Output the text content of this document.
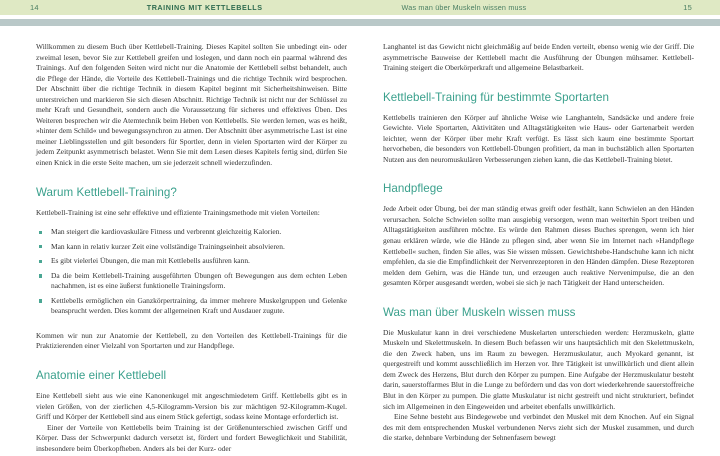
14	TRAINING MIT KETTLEBELLS	Was man über Muskeln wissen muss	15

Willkommen zu diesem Buch über Kettlebell-Training. Dieses Kapitel sollten Sie unbedingt ein- oder zweimal lesen, bevor Sie zur Kettlebell greifen und loslegen, und dann noch ein paarmal während des Trainings. Auf den folgenden Seiten wird nicht nur die Anatomie der Kettlebell selbst behandelt, auch die Pflege der Hände, die Vorteile des Kettlebell-Trainings und die richtige Technik wird besprochen. Der Abschnitt über die richtige Technik in diesem Kapitel beginnt mit Sicherheitshinweisen. Bitte unterstreichen und markieren Sie sich diesen Abschnitt. Richtige Technik ist nicht nur der Schlüssel zu mehr Kraft und Gesundheit, sondern auch die Voraussetzung für sicheres und effektives Üben. Des Weiteren besprechen wir die Atemtechnik beim Heben von Kettlebells. Sie werden lernen, was es heißt, »hinter dem Schild« und bewegungssynchron zu atmen. Der Abschnitt über asymmetrische Last ist eine meiner Lieblingsstellen und gilt besonders für Sportler, denn in vielen Sportarten wird der Körper zu jedem Zeitpunkt asymmetrisch belastet. Wenn Sie mit dem Lesen dieses Kapitels fertig sind, dürfen Sie einen Knick in die erste Seite machen, um sie jederzeit schnell wiederzufinden.

Warum Kettlebell-Training?

Kettlebell-Training ist eine sehr effektive und effiziente Trainingsmethode mit vielen Vorteilen:

Man steigert die kardiovaskuläre Fitness und verbrennt gleichzeitig Kalorien.
Man kann in relativ kurzer Zeit eine vollständige Trainingseinheit absolvieren.
Es gibt vielerlei Übungen, die man mit Kettlebells ausführen kann.
Da die beim Kettlebell-Training ausgeführten Übungen oft Bewegungen aus dem echten Leben nachahmen, ist es eine äußerst funktionelle Trainingsform.
Kettlebells ermöglichen ein Ganzkörpertraining, da immer mehrere Muskelgruppen und Gelenke beansprucht werden. Dies kommt der allgemeinen Kraft und Ausdauer zugute.

Kommen wir nun zur Anatomie der Kettlebell, zu den Vorteilen des Kettlebell-Trainings für die Praktizierenden einer Vielzahl von Sportarten und zur Handpflege.

Anatomie einer Kettlebell

Eine Kettlebell sieht aus wie eine Kanonenkugel mit angeschmiedetem Griff. Kettlebells gibt es in vielen Größen, von der zierlichen 4,5-Kilogramm-Version bis zur mächtigen 92-Kilogramm-Kugel. Griff und Körper der Kettlebell sind aus einem Stück gefertigt, sodass keine Montage erforderlich ist.

Einer der Vorteile von Kettlebells beim Training ist der Größenunterschied zwischen Griff und Körper. Dass der Schwerpunkt dadurch versetzt ist, fördert und fordert Beweglichkeit und Stabilität, insbesondere beim Überkopfheben. Anders als bei der Kurz- oder

Langhantel ist das Gewicht nicht gleichmäßig auf beide Enden verteilt, ebenso wenig wie der Griff. Die asymmetrische Bauweise der Kettlebell macht die Ausführung der Übungen mühsamer. Kettlebell-Training steigert die Oberkörperkraft und allgemeine Belastbarkeit.

Kettlebell-Training für bestimmte Sportarten

Kettlebells trainieren den Körper auf ähnliche Weise wie Langhanteln, Sandsäcke und andere freie Gewichte. Viele Sportarten, Aktivitäten und Alltagstätigkeiten wie Haus- oder Gartenarbeit werden leichter, wenn der Körper über mehr Kraft verfügt. Es lässt sich kaum eine bestimmte Sportart hervorheben, die besonders von Kettlebell-Übungen profitiert, da man in buchstäblich allen Sportarten Nutzen aus den neuromuskulären Verbesserungen ziehen kann, die das Kettlebell-Training bietet.

Handpflege

Jede Arbeit oder Übung, bei der man ständig etwas greift oder festhält, kann Schwielen an den Händen verursachen. Solche Schwielen sollte man ausgiebig versorgen, wenn man weiterhin Sport treiben und Alltagstätigkeiten ausführen möchte. Es würde den Rahmen dieses Buches sprengen, wenn ich hier genau erklären würde, wie die Hände zu pflegen sind, aber wenn Sie im Internet nach »Handpflege Kettlebell« suchen, finden Sie alles, was Sie wissen müssen. Gewichtshebe-Handschuhe kann ich nicht empfehlen, da sie die Empfindlichkeit der Nervenrezeptoren in den Händen dämpfen. Diese Rezeptoren melden dem Gehirn, was die Hände tun, und erzeugen auch reaktive Nervenimpulse, die an den gesamten Körper ausgesandt werden, wobei sie sich je nach Tätigkeit der Hand unterscheiden.

Was man über Muskeln wissen muss

Die Muskulatur kann in drei verschiedene Muskelarten unterschieden werden: Herzmuskeln, glatte Muskeln und Skelettmuskeln. In diesem Buch befassen wir uns hauptsächlich mit den Skelettmuskeln, die den Zweck haben, uns im Raum zu bewegen. Herzmuskulatur, auch Myokard genannt, ist quergestreift und kommt ausschließlich im Herzen vor. Ihre Tätigkeit ist unwillkürlich und dient allein dem Zweck des Herzens, Blut durch den Körper zu pumpen. Eine Aufgabe der Herzmuskulatur besteht darin, sauerstoffarmes Blut in die Lunge zu befördern und das von dort wiederkehrende sauerstoffreiche Blut in den Körper zu pumpen. Die glatte Muskulatur ist nicht gestreift und nicht strukturiert, befindet sich im Allgemeinen in den Eingeweiden und arbeitet ebenfalls unwillkürlich.

Eine Sehne besteht aus Bindegewebe und verbindet den Muskel mit dem Knochen. Auf ein Signal des mit dem entsprechenden Muskel verbundenen Nervs zieht sich der Muskel zusammen, und durch die starke, dehnbare Verbindung der Sehnenfasern bewegt
